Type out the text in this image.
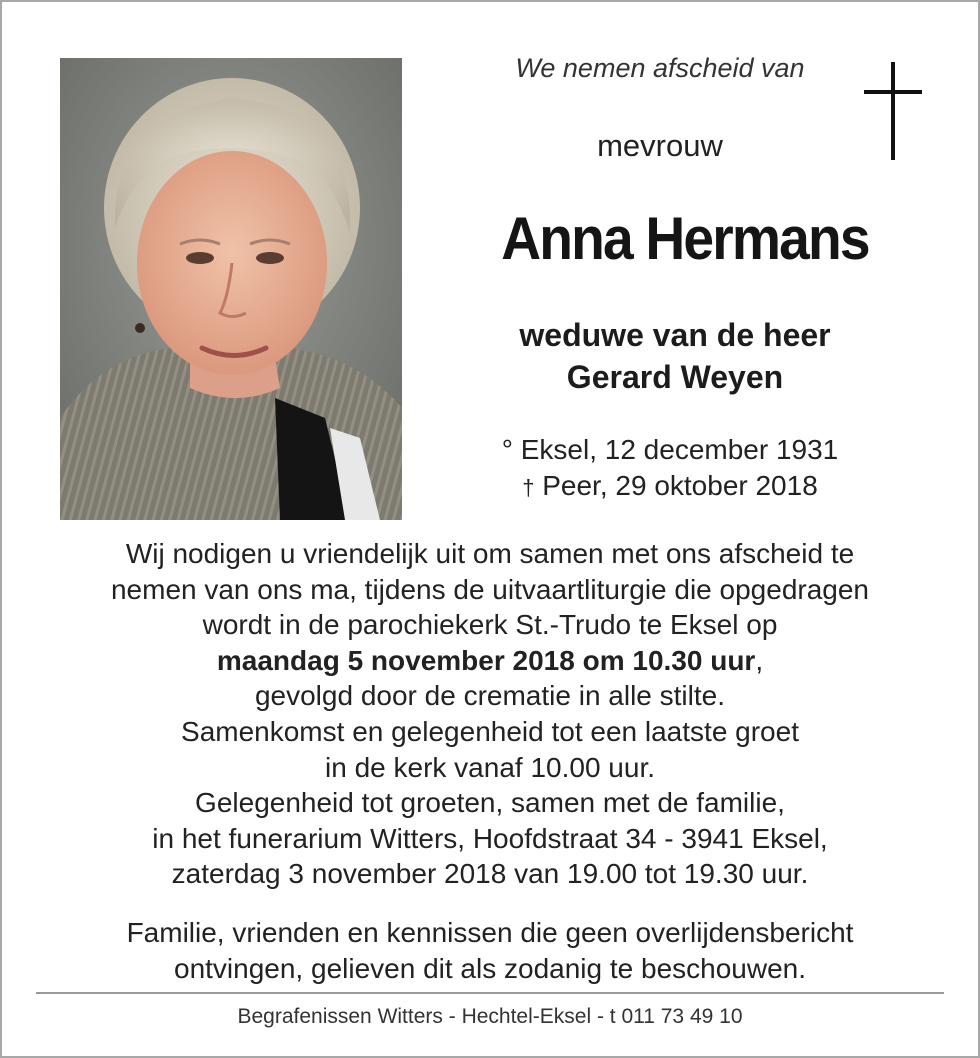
We nemen afscheid van
mevrouw
Anna Hermans
weduwe van de heer
Gerard Weyen
° Eksel, 12 december 1931
† Peer, 29 oktober 2018

Wij nodigen u vriendelijk uit om samen met ons afscheid te

nemen van ons ma, tijdens de uitvaartliturgie die opgedragen

wordt in de parochiekerk St.-Trudo te Eksel op

maandag 5 november 2018 om 10.30 uur,

gevolgd door de crematie in alle stilte.

Samenkomst en gelegenheid tot een laatste groet

in de kerk vanaf 10.00 uur.

Gelegenheid tot groeten, samen met de familie,

in het funerarium Witters, Hoofdstraat 34 - 3941 Eksel,

zaterdag 3 november 2018 van 19.00 tot 19.30 uur.

Familie, vrienden en kennissen die geen overlijdensbericht
ontvingen, gelieven dit als zodanig te beschouwen.
Begrafenissen Witters - Hechtel-Eksel - t 011 73 49 10
